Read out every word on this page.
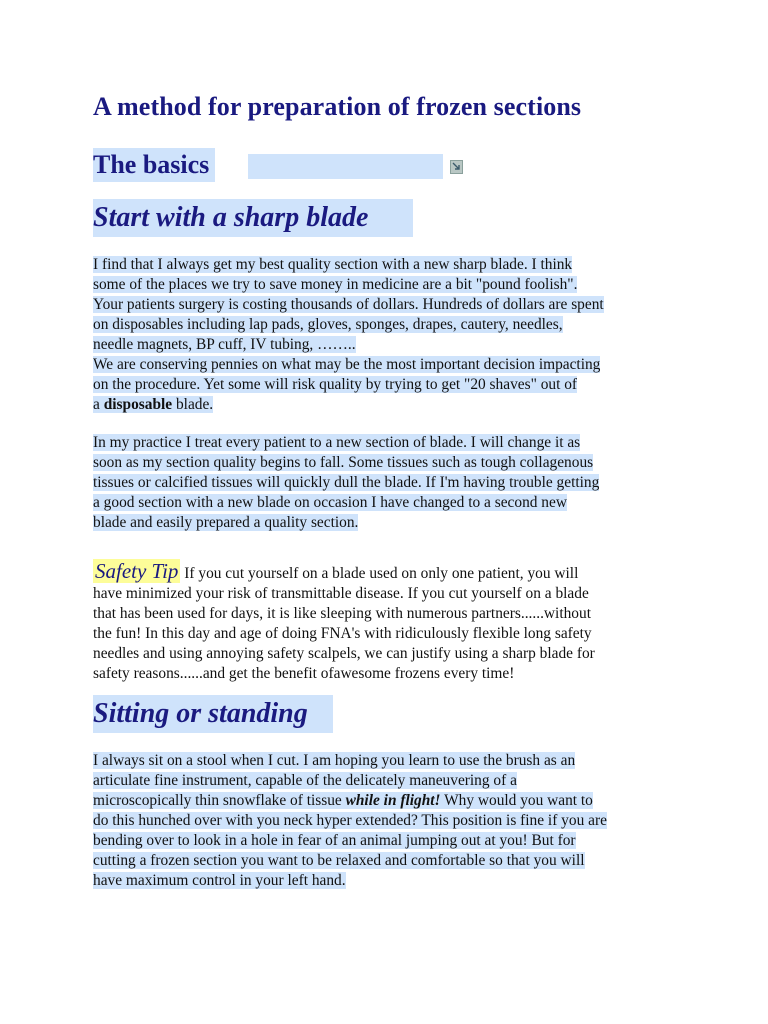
A method for preparation of frozen sections
The basics
Start with a sharp blade

I find that I always get my best quality section with a new sharp blade. I think
some of the places we try to save money in medicine are a bit "pound foolish".
Your patients surgery is costing thousands of dollars. Hundreds of dollars are spent
on disposables including lap pads, gloves, sponges, drapes, cautery, needles,
needle magnets, BP cuff, IV tubing, ……..
We are conserving pennies on what may be the most important decision impacting
on the procedure. Yet some will risk quality by trying to get "20 shaves" out of
a disposable blade.

In my practice I treat every patient to a new section of blade. I will change it as
soon as my section quality begins to fall. Some tissues such as tough collagenous
tissues or calcified tissues will quickly dull the blade. If I'm having trouble getting
a good section with a new blade on occasion I have changed to a second new
blade and easily prepared a quality section.

Safety Tip If you cut yourself on a blade used on only one patient, you will
have minimized your risk of transmittable disease. If you cut yourself on a blade
that has been used for days, it is like sleeping with numerous partners......without
the fun! In this day and age of doing FNA's with ridiculously flexible long safety
needles and using annoying safety scalpels, we can justify using a sharp blade for
safety reasons......and get the benefit ofawesome frozens every time!

Sitting or standing

I always sit on a stool when I cut. I am hoping you learn to use the brush as an
articulate fine instrument, capable of the delicately maneuvering of a
microscopically thin snowflake of tissue while in flight! Why would you want to
do this hunched over with you neck hyper extended? This position is fine if you are
bending over to look in a hole in fear of an animal jumping out at you! But for
cutting a frozen section you want to be relaxed and comfortable so that you will
have maximum control in your left hand.
